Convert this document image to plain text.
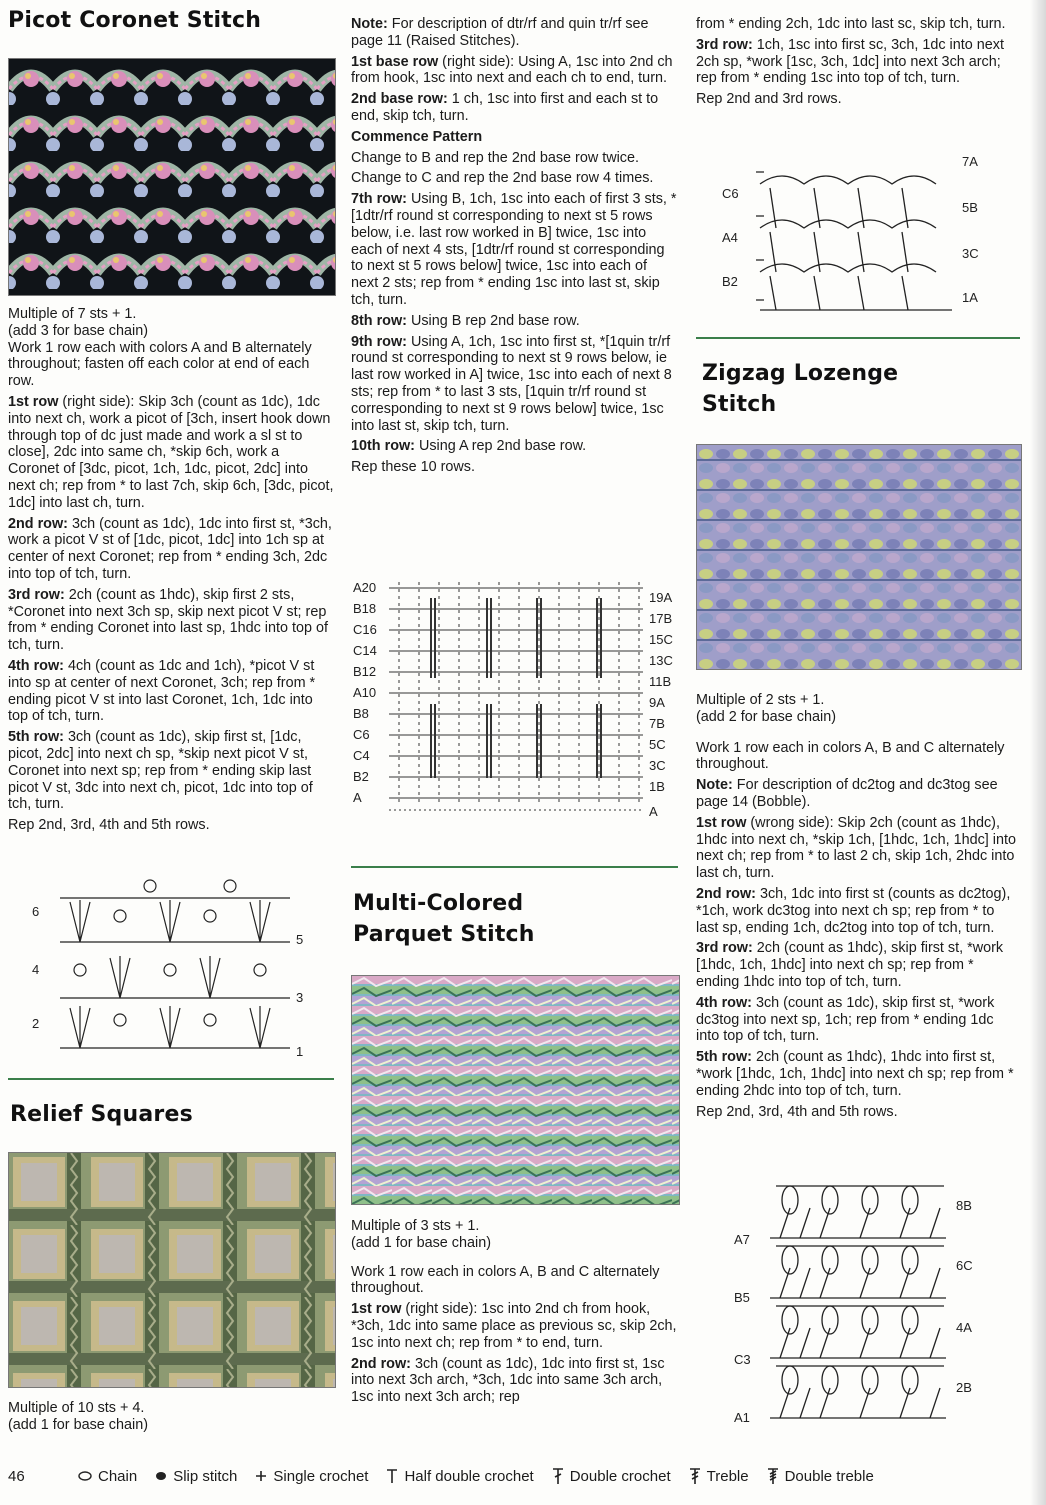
Picot Coronet Stitch

Multiple of 7 sts + 1.

(add 3 for base chain)

Work 1 row each with colors A and B alternately throughout; fasten off each color at end of each row.

1st row (right side): Skip 3ch (count as 1dc), 1dc into next ch, work a picot of [3ch, insert hook down through top of dc just made and work a sl st to close], 2dc into same ch, *skip 6ch, work a Coronet of [3dc, picot, 1ch, 1dc, picot, 2dc] into next ch; rep from * to last 7ch, skip 6ch, [3dc, picot, 1dc] into last ch, turn.

2nd row: 3ch (count as 1dc), 1dc into first st, *3ch, work a picot V st of [1dc, picot, 1dc] into 1ch sp at center of next Coronet; rep from * ending 3ch, 2dc into top of tch, turn.

3rd row: 2ch (count as 1hdc), skip first 2 sts, *Coronet into next 3ch sp, skip next picot V st; rep from * ending Coronet into last sp, 1hdc into top of tch, turn.

4th row: 4ch (count as 1dc and 1ch), *picot V st into sp at center of next Coronet, 3ch; rep from * ending picot V st into last Coronet, 1ch, 1dc into top of tch, turn.

5th row: 3ch (count as 1dc), skip first st, [1dc, picot, 2dc] into next ch sp, *skip next picot V st, Coronet into next sp; rep from * ending skip last picot V st, 3dc into next ch, picot, 1dc into top of tch, turn.

Rep 2nd, 3rd, 4th and 5th rows.

6
4
2
5
3
1
Relief Squares

Multiple of 10 sts + 4.

(add 1 for base chain)

Note: For description of dtr/rf and quin tr/rf see page 11 (Raised Stitches).

1st base row (right side): Using A, 1sc into 2nd ch from hook, 1sc into next and each ch to end, turn.

2nd base row: 1 ch, 1sc into first and each st to end, skip tch, turn.

Commence Pattern

Change to B and rep the 2nd base row twice.

Change to C and rep the 2nd base row 4 times.

7th row: Using B, 1ch, 1sc into each of first 3 sts, *[1dtr/rf round st corresponding to next st 5 rows below, i.e. last row worked in B] twice, 1sc into each of next 4 sts, [1dtr/rf round st corresponding to next st 5 rows below] twice, 1sc into each of next 2 sts; rep from * ending 1sc into last st, skip tch, turn.

8th row: Using B rep 2nd base row.

9th row: Using A, 1ch, 1sc into first st, *[1quin tr/rf round st corresponding to next st 9 rows below, ie last row worked in A] twice, 1sc into each of next 8 sts; rep from * to last 3 sts, [1quin tr/rf round st corresponding to next st 9 rows below] twice, 1sc into last st, skip tch, turn.

10th row: Using A rep 2nd base row.

Rep these 10 rows.

A20
B18
C16
C14
B12
A10
B8
C6
C4
B2
A
19A
17B
15C
13C
11B
9A
7B
5C
3C
1B
A
Multi-Colored
Parquet Stitch

Multiple of 3 sts + 1.

(add 1 for base chain)

Work 1 row each in colors A, B and C alternately throughout.

1st row (right side): 1sc into 2nd ch from hook, *3ch, 1dc into same place as previous sc, skip 2ch, 1sc into next ch; rep from * to end, turn.

2nd row: 3ch (count as 1dc), 1dc into first st, 1sc into next 3ch arch, *3ch, 1dc into same 3ch arch, 1sc into next 3ch arch; rep

from * ending 2ch, 1dc into last sc, skip tch, turn.

3rd row: 1ch, 1sc into first sc, 3ch, 1dc into next 2ch sp, *work [1sc, 3ch, 1dc] into next 3ch arch; rep from * ending 1sc into top of tch, turn.

Rep 2nd and 3rd rows.

C6
A4
B2
7A
5B
3C
1A
Zigzag Lozenge
Stitch

Multiple of 2 sts + 1.

(add 2 for base chain)

Work 1 row each in colors A, B and C alternately throughout.

Note: For description of dc2tog and dc3tog see page 14 (Bobble).

1st row (wrong side): Skip 2ch (count as 1hdc), 1hdc into next ch, *skip 1ch, [1hdc, 1ch, 1hdc] into next ch; rep from * to last 2 ch, skip 1ch, 2hdc into last ch, turn.

2nd row: 3ch, 1dc into first st (counts as dc2tog), *1ch, work dc3tog into next ch sp; rep from * to last sp, ending 1ch, dc2tog into top of tch, turn.

3rd row: 2ch (count as 1hdc), skip first st, *work [1hdc, 1ch, 1hdc] into next ch sp; rep from * ending 1hdc into top of tch, turn.

4th row: 3ch (count as 1dc), skip first st, *work dc3tog into next sp, 1ch; rep from * ending 1dc into top of tch, turn.

5th row: 2ch (count as 1hdc), 1hdc into first st, *work [1hdc, 1ch, 1hdc] into next ch sp; rep from * ending 2hdc into top of tch, turn.

Rep 2nd, 3rd, 4th and 5th rows.

A7
B5
C3
A1
8B
6C
4A
2B
46	Chain Slip stitch Single crochet Half double crochet Double crochet Treble Double treble
